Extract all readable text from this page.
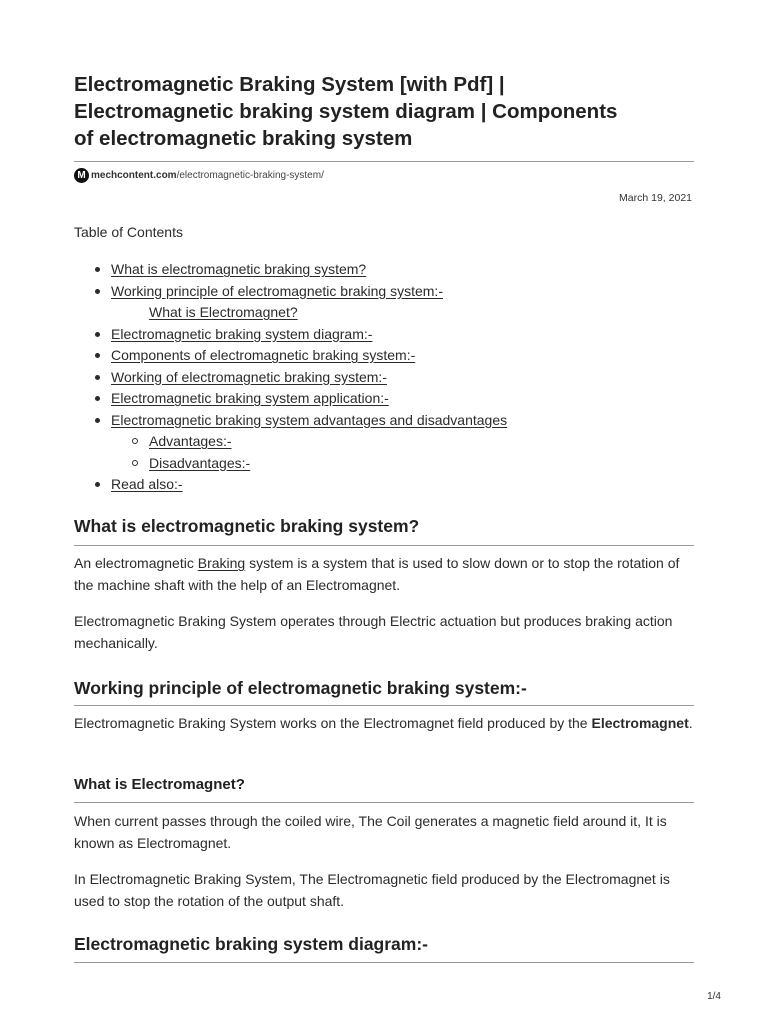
Electromagnetic Braking System [with Pdf] |
Electromagnetic braking system diagram | Components
of electromagnetic braking system
M mechcontent.com /electromagnetic-braking-system/
March 19, 2021
Table of Contents
What is electromagnetic braking system?
Working principle of electromagnetic braking system:-
What is Electromagnet?
Electromagnetic braking system diagram:-
Components of electromagnetic braking system:-
Working of electromagnetic braking system:-
Electromagnetic braking system application:-
Electromagnetic braking system advantages and disadvantages
Advantages:-
Disadvantages:-
Read also:-
What is electromagnetic braking system?

An electromagnetic Braking system is a system that is used to slow down or to stop the rotation of the machine shaft with the help of an Electromagnet.

Electromagnetic Braking System operates through Electric actuation but produces braking action mechanically.

Working principle of electromagnetic braking system:-

Electromagnetic Braking System works on the Electromagnet field produced by the Electromagnet.

What is Electromagnet?

When current passes through the coiled wire, The Coil generates a magnetic field around it, It is known as Electromagnet.

In Electromagnetic Braking System, The Electromagnetic field produced by the Electromagnet is used to stop the rotation of the output shaft.

Electromagnetic braking system diagram:-
1/4
